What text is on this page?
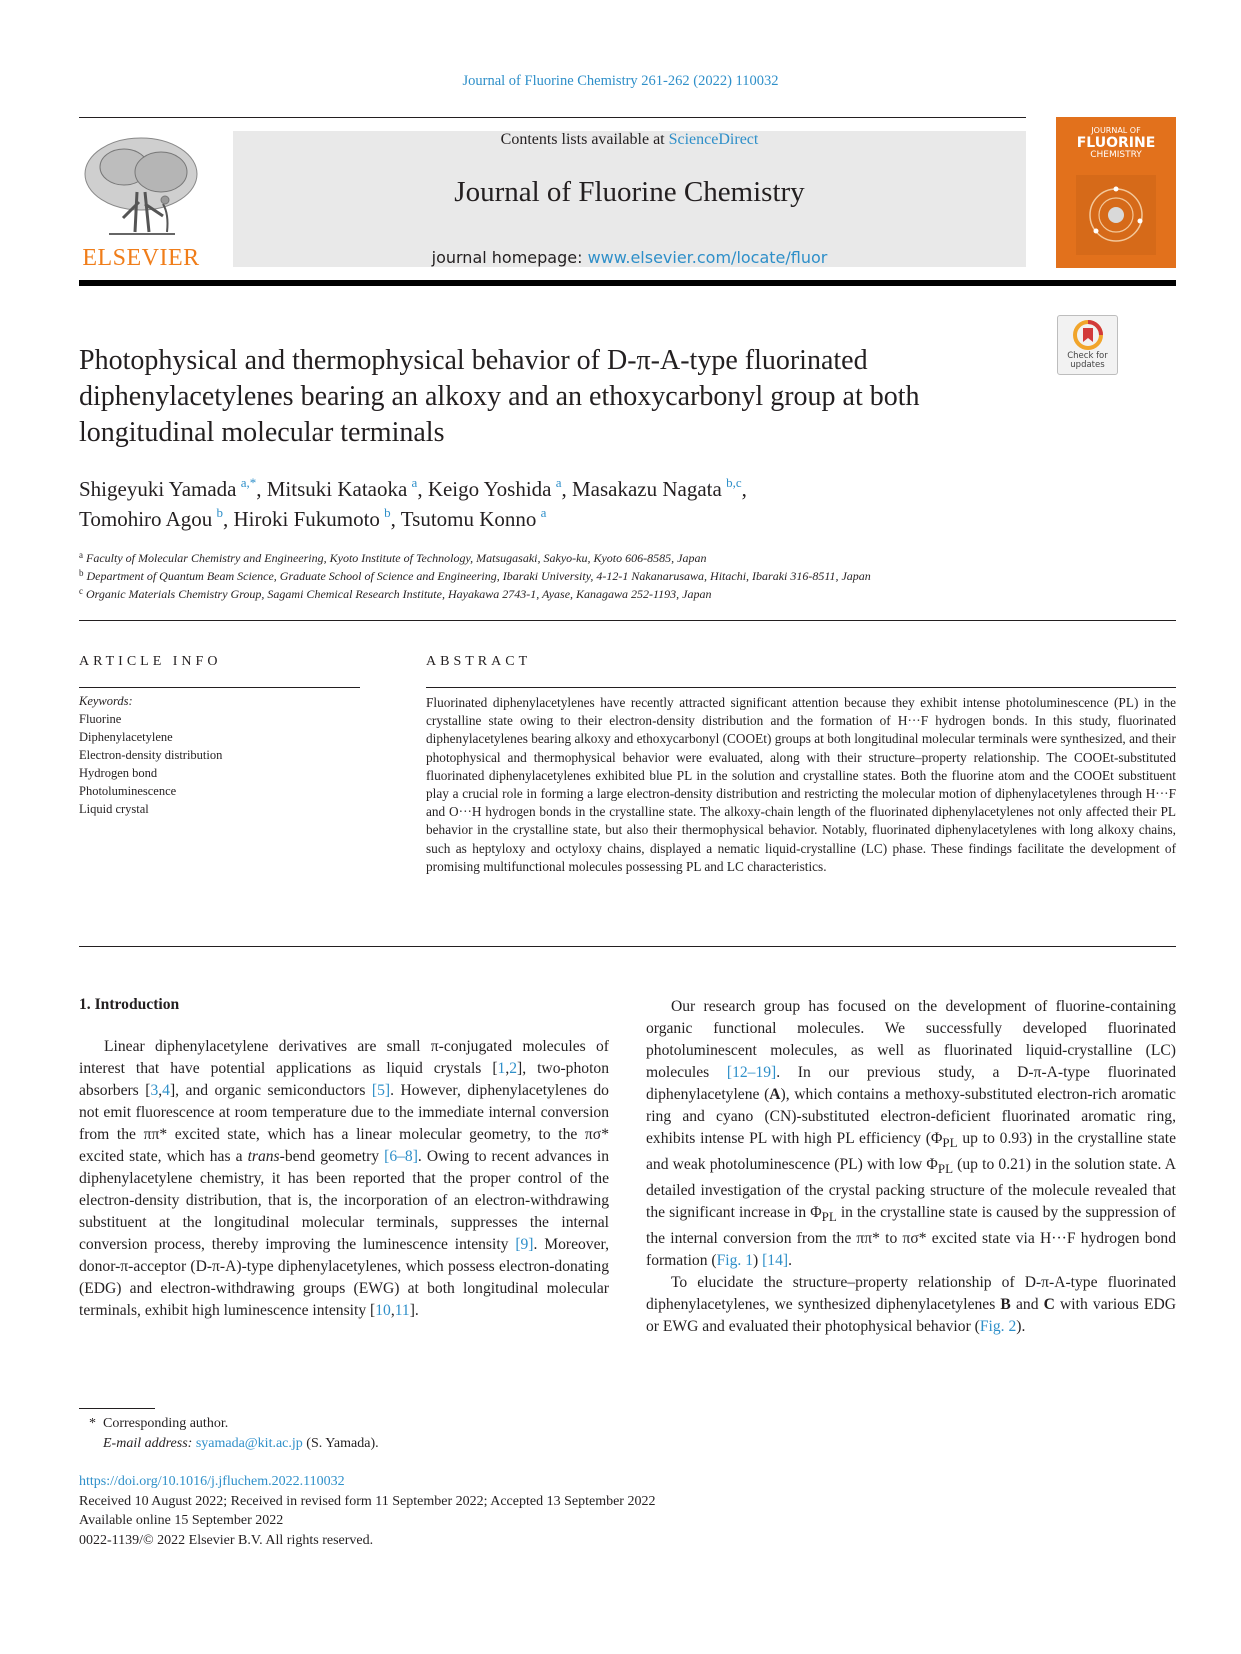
Journal of Fluorine Chemistry 261-262 (2022) 110032
ELSEVIER
Contents lists available at ScienceDirect
Journal of Fluorine Chemistry
journal homepage: www.elsevier.com/locate/fluor
JOURNAL OF
FLUORINE
CHEMISTRY
Check for
updates
Photophysical and thermophysical behavior of D-π-A-type fluorinated
diphenylacetylenes bearing an alkoxy and an ethoxycarbonyl group at both
longitudinal molecular terminals
Shigeyuki Yamada  $^{a,*}$, Mitsuki Kataoka  $^a$, Keigo Yoshida  $^a$, Masakazu Nagata  $^{b,c}$,
Tomohiro Agou  $^b$, Hiroki Fukumoto  $^b$, Tsutomu Konno  $^a$
$^a$ Faculty of Molecular Chemistry and Engineering, Kyoto Institute of Technology, Matsugasaki, Sakyo-ku, Kyoto 606-8585, Japan
$^b$ Department of Quantum Beam Science, Graduate School of Science and Engineering, Ibaraki University, 4-12-1 Nakanarusawa, Hitachi, Ibaraki 316-8511, Japan
$^c$ Organic Materials Chemistry Group, Sagami Chemical Research Institute, Hayakawa 2743-1, Ayase, Kanagawa 252-1193, Japan
ARTICLE INFO	ABSTRACT
Keywords:
Fluorine
Diphenylacetylene
Electron-density distribution
Hydrogen bond
Photoluminescence
Liquid crystal
Fluorinated diphenylacetylenes have recently attracted significant attention because they exhibit intense photoluminescence (PL) in the crystalline state owing to their electron-density distribution and the formation of H···F hydrogen bonds. In this study, fluorinated diphenylacetylenes bearing alkoxy and ethoxycarbonyl (COOEt) groups at both longitudinal molecular terminals were synthesized, and their photophysical and thermophysical behavior were evaluated, along with their structure–property relationship. The COOEt-substituted fluorinated diphenylacetylenes exhibited blue PL in the solution and crystalline states. Both the fluorine atom and the COOEt substituent play a crucial role in forming a large electron-density distribution and restricting the molecular motion of diphenylacetylenes through H···F and O···H hydrogen bonds in the crystalline state. The alkoxy-chain length of the fluorinated diphenylacetylenes not only affected their PL behavior in the crystalline state, but also their thermophysical behavior. Notably, fluorinated diphenylacetylenes with long alkoxy chains, such as heptyloxy and octyloxy chains, displayed a nematic liquid-crystalline (LC) phase. These findings facilitate the development of promising multifunctional molecules possessing PL and LC characteristics.
1. Introduction

Linear diphenylacetylene derivatives are small π-conjugated molecules of interest that have potential applications as liquid crystals [1,2], two-photon absorbers [3,4], and organic semiconductors [5]. However, diphenylacetylenes do not emit fluorescence at room temperature due to the immediate internal conversion from the ππ* excited state, which has a linear molecular geometry, to the πσ* excited state, which has a trans-bend geometry [6–8]. Owing to recent advances in diphenylacetylene chemistry, it has been reported that the proper control of the electron-density distribution, that is, the incorporation of an electron-withdrawing substituent at the longitudinal molecular terminals, suppresses the internal conversion process, thereby improving the luminescence intensity [9]. Moreover, donor-π-acceptor (D-π-A)-type diphenylacetylenes, which possess electron-donating (EDG) and electron-withdrawing groups (EWG) at both longitudinal molecular terminals, exhibit high luminescence intensity [10,11].

Our research group has focused on the development of fluorine-containing organic functional molecules. We successfully developed fluorinated photoluminescent molecules, as well as fluorinated liquid-crystalline (LC) molecules [12–19]. In our previous study, a D-π-A-type fluorinated diphenylacetylene (A), which contains a methoxy-substituted electron-rich aromatic ring and cyano (CN)-substituted electron-deficient fluorinated aromatic ring, exhibits intense PL with high PL efficiency ($\Phi_{PL}$ up to 0.93) in the crystalline state and weak photoluminescence (PL) with low $\Phi_{PL}$ (up to 0.21) in the solution state. A detailed investigation of the crystal packing structure of the molecule revealed that the significant increase in $\Phi_{PL}$ in the crystalline state is caused by the suppression of the internal conversion from the ππ* to πσ* excited state via H···F hydrogen bond formation (Fig. 1) [14].

To elucidate the structure–property relationship of D-π-A-type fluorinated diphenylacetylenes, we synthesized diphenylacetylenes B and C with various EDG or EWG and evaluated their photophysical behavior (Fig. 2).

* Corresponding author.
E-mail address: syamada@kit.ac.jp (S. Yamada).
https://doi.org/10.1016/j.jfluchem.2022.110032
Received 10 August 2022; Received in revised form 11 September 2022; Accepted 13 September 2022
Available online 15 September 2022
0022-1139/© 2022 Elsevier B.V. All rights reserved.
